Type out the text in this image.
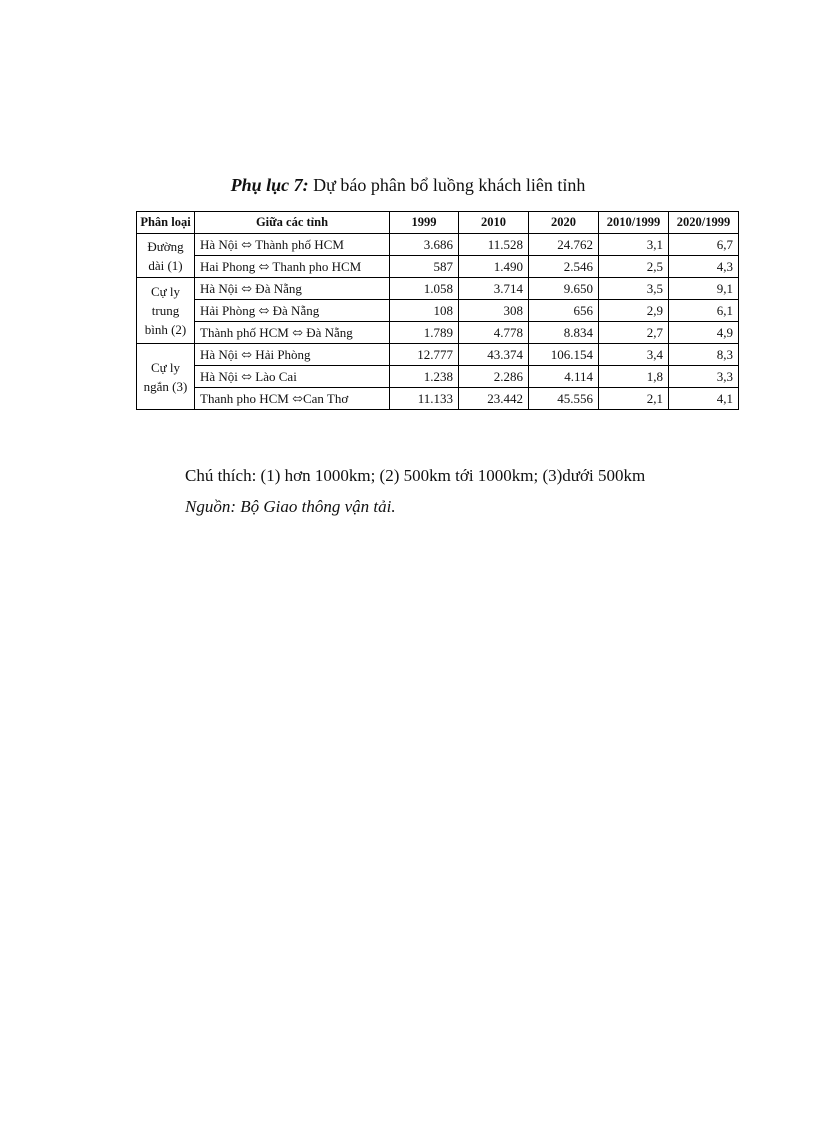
Phụ lục 7: Dự báo phân bổ luồng khách liên tỉnh
Phân loại	Giữa các tỉnh	1999	2010	2020	2010/1999	2020/1999
Đường dài (1)	Hà Nội ⬄ Thành phố HCM	3.686	11.528	24.762	3,1	6,7
	Hai Phong ⬄ Thanh pho HCM	587	1.490	2.546	2,5	4,3
Cự ly trung bình (2)	Hà Nội ⬄ Đà Nẵng	1.058	3.714	9.650	3,5	9,1
	Hải Phòng ⬄ Đà Nẵng	108	308	656	2,9	6,1
	Thành phố HCM ⬄ Đà Nẵng	1.789	4.778	8.834	2,7	4,9
Cự ly ngắn (3)	Hà Nội ⬄ Hải Phòng	12.777	43.374	106.154	3,4	8,3
	Hà Nội ⬄ Lào Cai	1.238	2.286	4.114	1,8	3,3
	Thanh pho HCM ⬄Can Thơ	11.133	23.442	45.556	2,1	4,1
Chú thích: (1) hơn 1000km; (2) 500km tới 1000km; (3)dưới 500km
Nguồn: Bộ Giao thông vận tải.
